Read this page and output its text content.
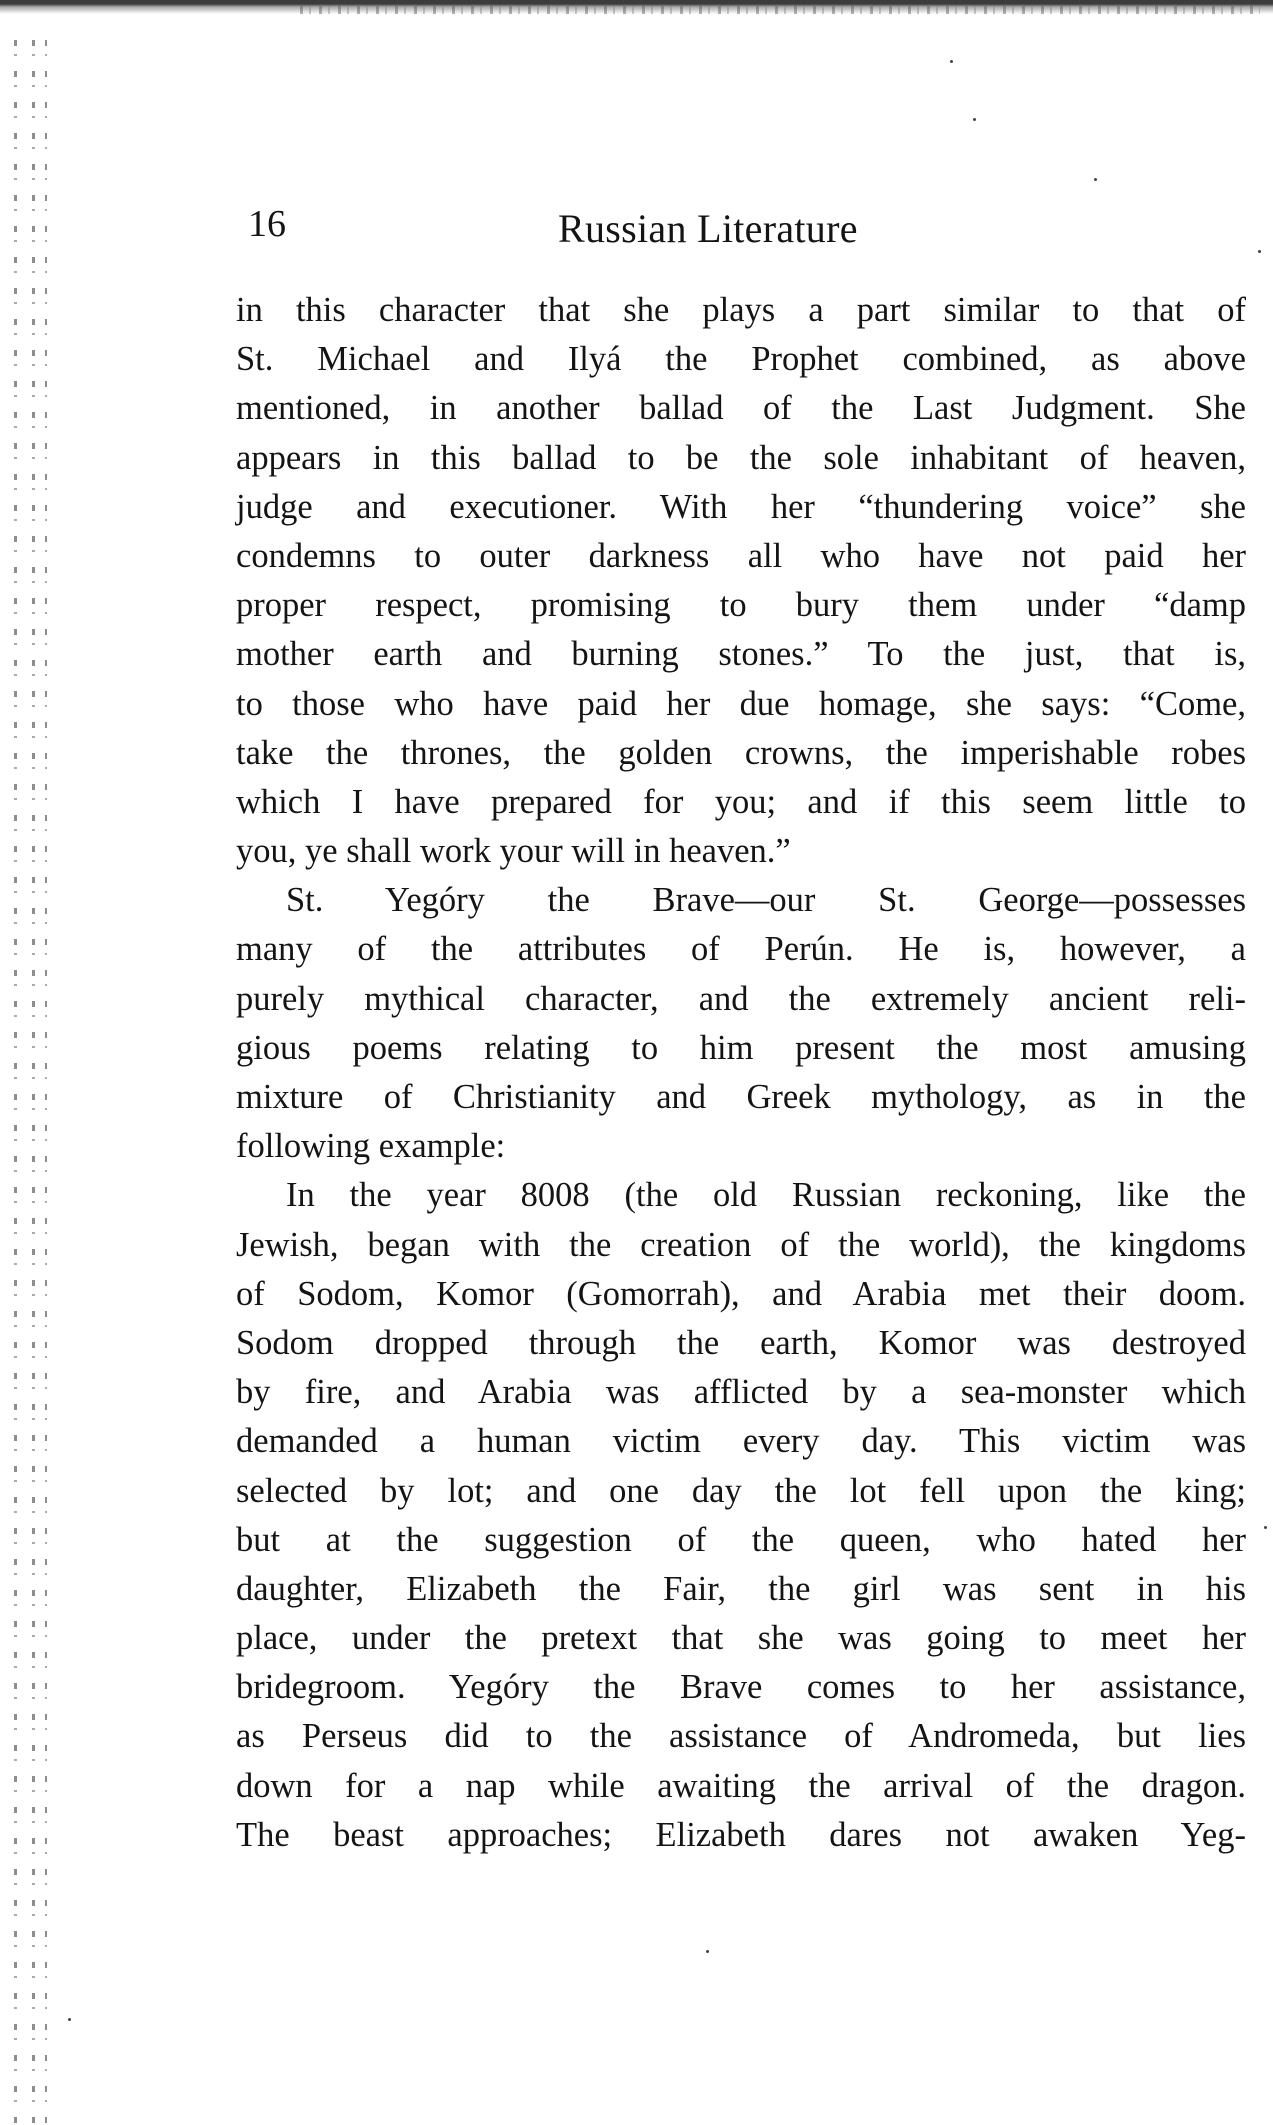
16	Russian Literature
in this character that she plays a part similar to that of
St. Michael and Ilyá the Prophet combined, as above
mentioned, in another ballad of the Last Judgment. She
appears in this ballad to be the sole inhabitant of heaven,
judge and executioner. With her “thundering voice” she
condemns to outer darkness all who have not paid her
proper respect, promising to bury them under “damp
mother earth and burning stones.” To the just, that is,
to those who have paid her due homage, she says: “Come,
take the thrones, the golden crowns, the imperishable robes
which I have prepared for you; and if this seem little to
you, ye shall work your will in heaven.”
St. Yegóry the Brave—our St. George—possesses
many of the attributes of Perún. He is, however, a
purely mythical character, and the extremely ancient reli-
gious poems relating to him present the most amusing
mixture of Christianity and Greek mythology, as in the
following example:
In the year 8008 (the old Russian reckoning, like the
Jewish, began with the creation of the world), the kingdoms
of Sodom, Komor (Gomorrah), and Arabia met their doom.
Sodom dropped through the earth, Komor was destroyed
by fire, and Arabia was afflicted by a sea-monster which
demanded a human victim every day. This victim was
selected by lot; and one day the lot fell upon the king;
but at the suggestion of the queen, who hated her
daughter, Elizabeth the Fair, the girl was sent in his
place, under the pretext that she was going to meet her
bridegroom. Yegóry the Brave comes to her assistance,
as Perseus did to the assistance of Andromeda, but lies
down for a nap while awaiting the arrival of the dragon.
The beast approaches; Elizabeth dares not awaken Yeg-
